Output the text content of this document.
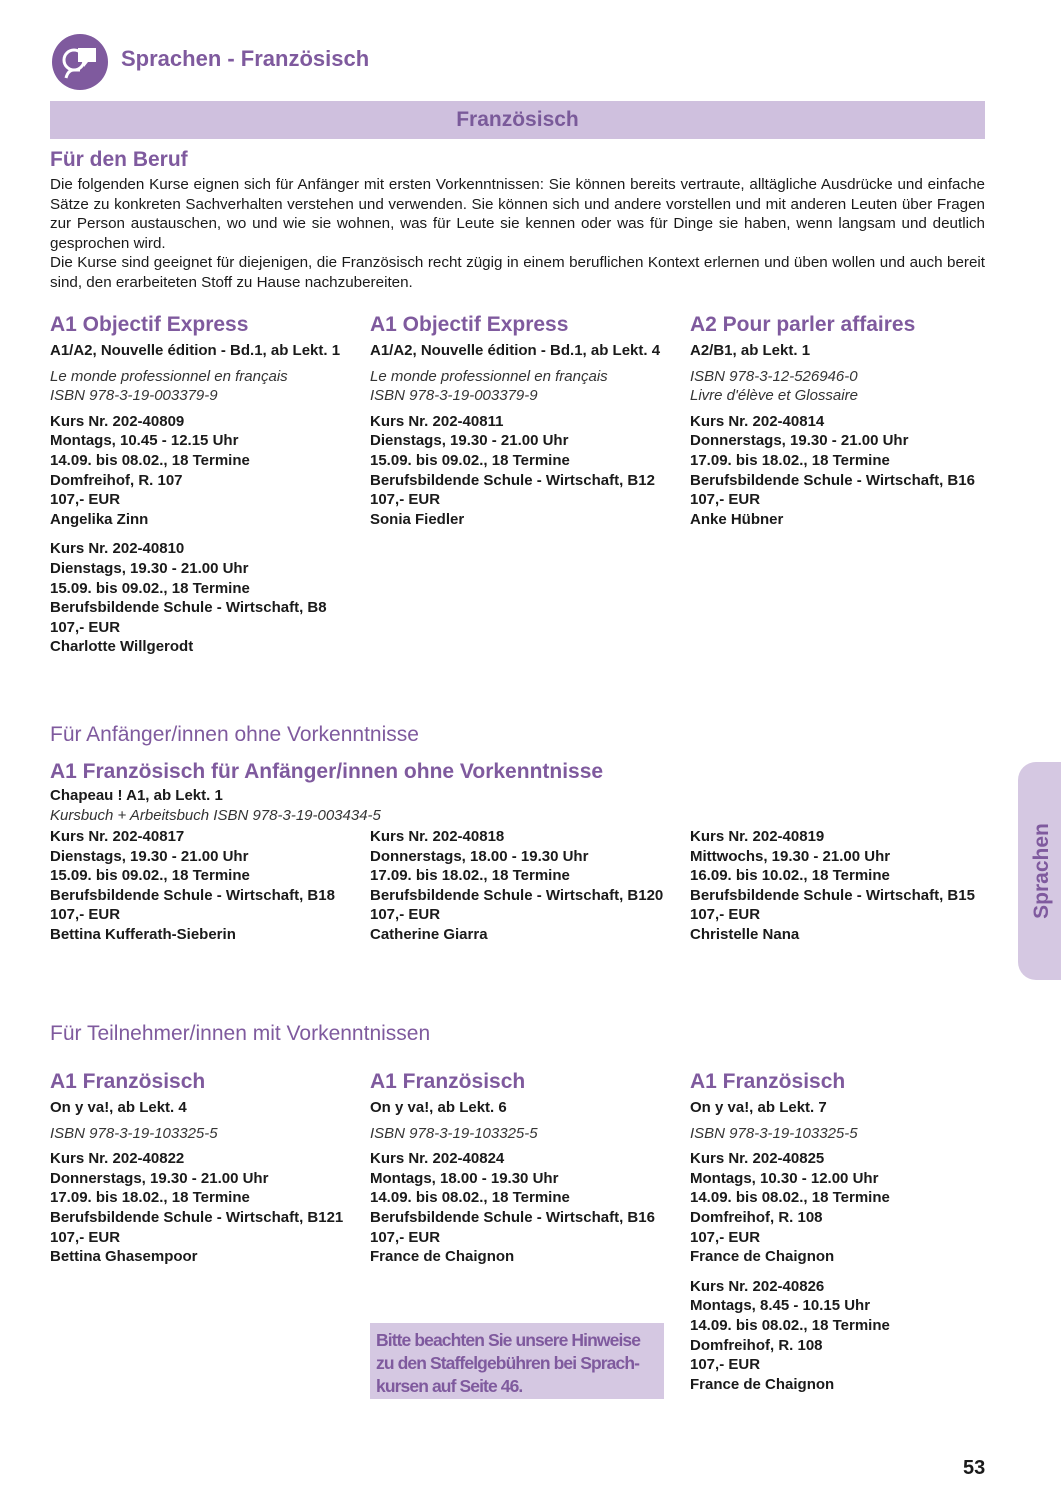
Sprachen - Französisch
Französisch
Für den Beruf

Die folgenden Kurse eignen sich für Anfänger mit ersten Vorkenntnissen: Sie können bereits vertraute, alltägliche Ausdrücke und einfache Sätze zu konkreten Sachverhalten verstehen und verwenden. Sie können sich und andere vorstellen und mit anderen Leuten über Fragen zur Person austauschen, wo und wie sie wohnen, was für Leute sie kennen oder was für Dinge sie haben, wenn langsam und deutlich gesprochen wird.

Die Kurse sind geeignet für diejenigen, die Französisch recht zügig in einem beruflichen Kontext erlernen und üben wollen und auch bereit sind, den erarbeiteten Stoff zu Hause nachzubereiten.

A1 Objectif Express
A1/A2, Nouvelle édition - Bd.1, ab Lekt. 1
Le monde professionnel en français
ISBN 978-3-19-003379-9
Kurs Nr. 202-40809
Montags, 10.45 - 12.15 Uhr
14.09. bis 08.02., 18 Termine
Domfreihof, R. 107
107,- EUR
Angelika Zinn
Kurs Nr. 202-40810
Dienstags, 19.30 - 21.00 Uhr
15.09. bis 09.02., 18 Termine
Berufsbildende Schule - Wirtschaft, B8
107,- EUR
Charlotte Willgerodt
A1 Objectif Express
A1/A2, Nouvelle édition - Bd.1, ab Lekt. 4
Le monde professionnel en français
ISBN 978-3-19-003379-9
Kurs Nr. 202-40811
Dienstags, 19.30 - 21.00 Uhr
15.09. bis 09.02., 18 Termine
Berufsbildende Schule - Wirtschaft, B12
107,- EUR
Sonia Fiedler
A2 Pour parler affaires
A2/B1, ab Lekt. 1
ISBN 978-3-12-526946-0
Livre d'élève et Glossaire
Kurs Nr. 202-40814
Donnerstags, 19.30 - 21.00 Uhr
17.09. bis 18.02., 18 Termine
Berufsbildende Schule - Wirtschaft, B16
107,- EUR
Anke Hübner
Für Anfänger/innen ohne Vorkenntnisse
A1 Französisch für Anfänger/innen ohne Vorkenntnisse
Chapeau ! A1, ab Lekt. 1
Kursbuch + Arbeitsbuch ISBN 978-3-19-003434-5
Kurs Nr. 202-40817
Dienstags, 19.30 - 21.00 Uhr
15.09. bis 09.02., 18 Termine
Berufsbildende Schule - Wirtschaft, B18
107,- EUR
Bettina Kufferath-Sieberin
Kurs Nr. 202-40818
Donnerstags, 18.00 - 19.30 Uhr
17.09. bis 18.02., 18 Termine
Berufsbildende Schule - Wirtschaft, B120
107,- EUR
Catherine Giarra
Kurs Nr. 202-40819
Mittwochs, 19.30 - 21.00 Uhr
16.09. bis 10.02., 18 Termine
Berufsbildende Schule - Wirtschaft, B15
107,- EUR
Christelle Nana
Für Teilnehmer/innen mit Vorkenntnissen
A1 Französisch
On y va!, ab Lekt. 4
ISBN 978-3-19-103325-5
Kurs Nr. 202-40822
Donnerstags, 19.30 - 21.00 Uhr
17.09. bis 18.02., 18 Termine
Berufsbildende Schule - Wirtschaft, B121
107,- EUR
Bettina Ghasempoor
A1 Französisch
On y va!, ab Lekt. 6
ISBN 978-3-19-103325-5
Kurs Nr. 202-40824
Montags, 18.00 - 19.30 Uhr
14.09. bis 08.02., 18 Termine
Berufsbildende Schule - Wirtschaft, B16
107,- EUR
France de Chaignon
A1 Französisch
On y va!, ab Lekt. 7
ISBN 978-3-19-103325-5
Kurs Nr. 202-40825
Montags, 10.30 - 12.00 Uhr
14.09. bis 08.02., 18 Termine
Domfreihof, R. 108
107,- EUR
France de Chaignon
Kurs Nr. 202-40826
Montags, 8.45 - 10.15 Uhr
14.09. bis 08.02., 18 Termine
Domfreihof, R. 108
107,- EUR
France de Chaignon
Bitte beachten Sie unsere Hinweise
zu den Staffelgebühren bei Sprach-
kursen auf Seite 46.
Sprachen
53
